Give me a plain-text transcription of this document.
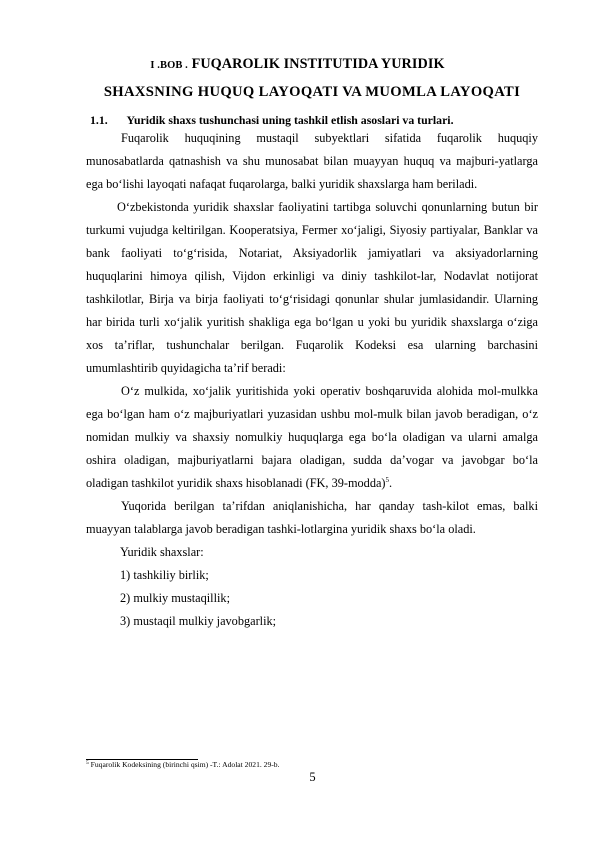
I .BOB . FUQAROLIK INSTITUTIDA YURIDIK
SHAXSNING HUQUQ LAYOQATI VA MUOMLA LAYOQATI
1.1. Yuridik shaxs tushunchasi uning tashkil etlish asoslari va turlari.

Fuqarolik huquqining mustaqil subyektlari sifatida fuqarolik huquqiy munosabatlarda qatnashish va shu munosabat bilan muayyan huquq va majburi-yatlarga ega bo‘lishi layoqati nafaqat fuqarolarga, balki yuridik shaxslarga ham beriladi.

O‘zbekistonda yuridik shaxslar faoliyatini tartibga soluvchi qonunlarning butun bir turkumi vujudga keltirilgan. Kooperatsiya, Fermer xo‘jaligi, Siyosiy partiyalar, Banklar va bank faoliyati to‘g‘risida, Notariat, Aksiyadorlik jamiyatlari va aksiyadorlarning huquqlarini himoya qilish, Vijdon erkinligi va diniy tashkilot-lar, Nodavlat notijorat tashkilotlar, Birja va birja faoliyati to‘g‘risidagi qonunlar shular jumlasidandir. Ularning har birida turli xo‘jalik yuritish shakliga ega bo‘lgan u yoki bu yuridik shaxslarga o‘ziga xos ta’riflar, tushunchalar berilgan. Fuqarolik Kodeksi esa ularning barchasini umumlashtirib quyidagicha ta’rif beradi:

O‘z mulkida, xo‘jalik yuritishida yoki operativ boshqaruvida alohida mol-mulkka ega bo‘lgan ham o‘z majburiyatlari yuzasidan ushbu mol-mulk bilan javob beradigan, o‘z nomidan mulkiy va shaxsiy nomulkiy huquqlarga ega bo‘la oladigan va ularni amalga oshira oladigan, majburiyatlarni bajara oladigan, sudda da’vogar va javobgar bo‘la oladigan tashkilot yuridik shaxs hisoblanadi (FK, 39-modda)$^5$.

Yuqorida berilgan ta’rifdan aniqlanishicha, har qanday tash-kilot emas, balki muayyan talablarga javob beradigan tashki-lotlargina yuridik shaxs bo‘la oladi.

Yuridik shaxslar:

1) tashkiliy birlik;

2) mulkiy mustaqillik;

3) mustaqil mulkiy javobgarlik;

$^5$ Fuqarolik Kodeksining (birinchi qsim) -T.: Adolat 2021. 29-b.
5
